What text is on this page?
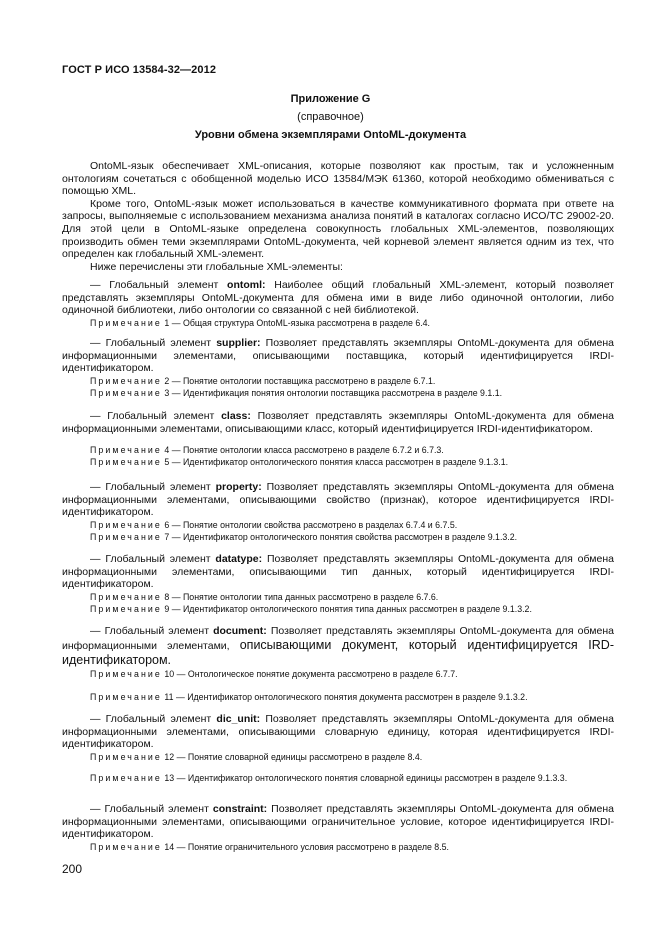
ГОСТ Р ИСО 13584-32—2012
Приложение G
(справочное)
Уровни обмена экземплярами OntoML-документа

OntoML-язык обеспечивает XML-описания, которые позволяют как простым, так и усложненным онтологиям сочетаться с обобщенной моделью ИСО 13584/МЭК 61360, которой необходимо обмениваться с помощью XML.

Кроме того, OntoML-язык может использоваться в качестве коммуникативного формата при ответе на запросы, выполняемые с использованием механизма анализа понятий в каталогах согласно ИСО/ТС 29002-20. Для этой цели в OntoML-языке определена совокупность глобальных XML-элементов, позволяющих производить обмен теми экземплярами OntoML-документа, чей корневой элемент является одним из тех, что определен как глобальный XML-элемент.

Ниже перечислены эти глобальные XML-элементы:

— Глобальный элемент ontoml: Наиболее общий глобальный XML-элемент, который позволяет представлять экземпляры OntoML-документа для обмена ими в виде либо одиночной онтологии, либо одиночной библиотеки, либо онтологии со связанной с ней библиотекой.

Примечание 1 — Общая структура OntoML-языка рассмотрена в разделе 6.4.

— Глобальный элемент supplier: Позволяет представлять экземпляры OntoML-документа для обмена информационными элементами, описывающими поставщика, который идентифицируется IRDI-идентификатором.

Примечание 2 — Понятие онтологии поставщика рассмотрено в разделе 6.7.1.
Примечание 3 — Идентификация понятия онтологии поставщика рассмотрена в разделе 9.1.1.

— Глобальный элемент class: Позволяет представлять экземпляры OntoML-документа для обмена информационными элементами, описывающими класс, который идентифицируется IRDI-идентификатором.

Примечание 4 — Понятие онтологии класса рассмотрено в разделе 6.7.2 и 6.7.3.
Примечание 5 — Идентификатор онтологического понятия класса рассмотрен в разделе 9.1.3.1.

— Глобальный элемент property: Позволяет представлять экземпляры OntoML-документа для обмена информационными элементами, описывающими свойство (признак), которое идентифицируется IRDI- идентификатором.

Примечание 6 — Понятие онтологии свойства рассмотрено в разделах 6.7.4 и 6.7.5.
Примечание 7 — Идентификатор онтологического понятия свойства рассмотрен в разделе 9.1.3.2.

— Глобальный элемент datatype: Позволяет представлять экземпляры OntoML-документа для обмена информационными элементами, описывающими тип данных, который идентифицируется IRDI-идентификатором.

Примечание 8 — Понятие онтологии типа данных рассмотрено в разделе 6.7.6.
Примечание 9 — Идентификатор онтологического понятия типа данных рассмотрен в разделе 9.1.3.2.

— Глобальный элемент document: Позволяет представлять экземпляры OntoML-документа для обмена информационными элементами, описывающими документ, который идентифицируется IRD-идентификатором.

Примечание 10 — Онтологическое понятие документа рассмотрено в разделе 6.7.7.
Примечание 11 — Идентификатор онтологического понятия документа рассмотрен в разделе 9.1.3.2.

— Глобальный элемент dic_unit: Позволяет представлять экземпляры OntoML-документа для обмена информационными элементами, описывающими словарную единицу, которая идентифицируется IRDI- идентификатором.

Примечание 12 — Понятие словарной единицы рассмотрено в разделе 8.4.
Примечание 13 — Идентификатор онтологического понятия словарной единицы рассмотрен в разделе 9.1.3.3.

— Глобальный элемент constraint: Позволяет представлять экземпляры OntoML-документа для обмена информационными элементами, описывающими ограничительное условие, которое идентифицируется IRDI- идентификатором.

Примечание 14 — Понятие ограничительного условия рассмотрено в разделе 8.5.
200
